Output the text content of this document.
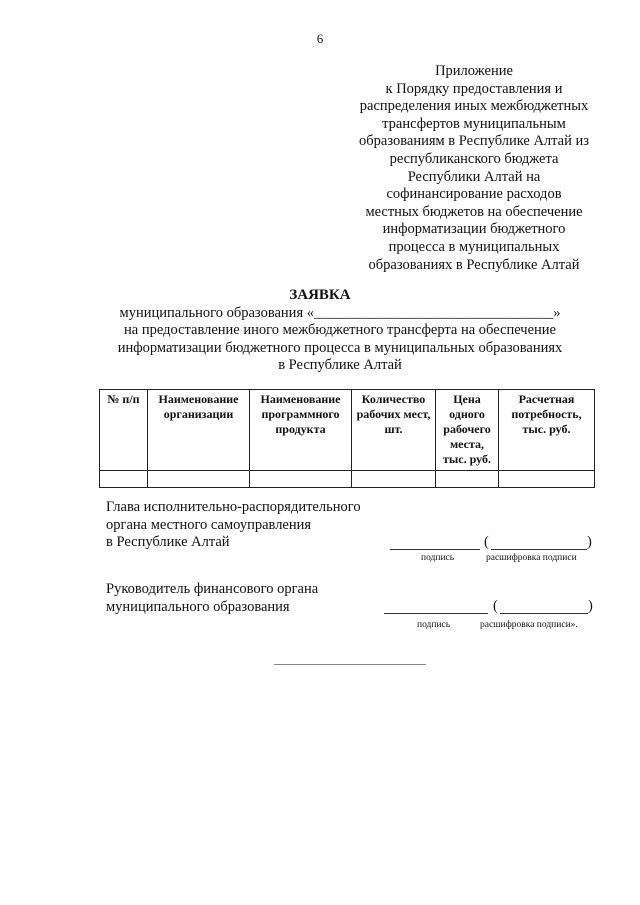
6
Приложение
к Порядку предоставления и
распределения иных межбюджетных
трансфертов муниципальным
образованиям в Республике Алтай из
республиканского бюджета
Республики Алтай на
софинансирование расходов
местных бюджетов на обеспечение
информатизации бюджетного
процесса в муниципальных
образованиях в Республике Алтай
ЗАЯВКА
муниципального образования «_________________________________»
на предоставление иного межбюджетного трансферта на обеспечение
информатизации бюджетного процесса в муниципальных образованиях
в Республике Алтай
№ п/п	Наименование организации	Наименование программного продукта	Количество рабочих мест, шт.	Цена одного рабочего места, тыс. руб.	Расчетная потребность, тыс. руб.

Глава исполнительно-распорядительного
органа местного самоуправления
в Республике Алтай	(	)
подпись	расшифровка подписи
Руководитель финансового органа
муниципального образования	(	)
подпись	расшифровка подписи».
